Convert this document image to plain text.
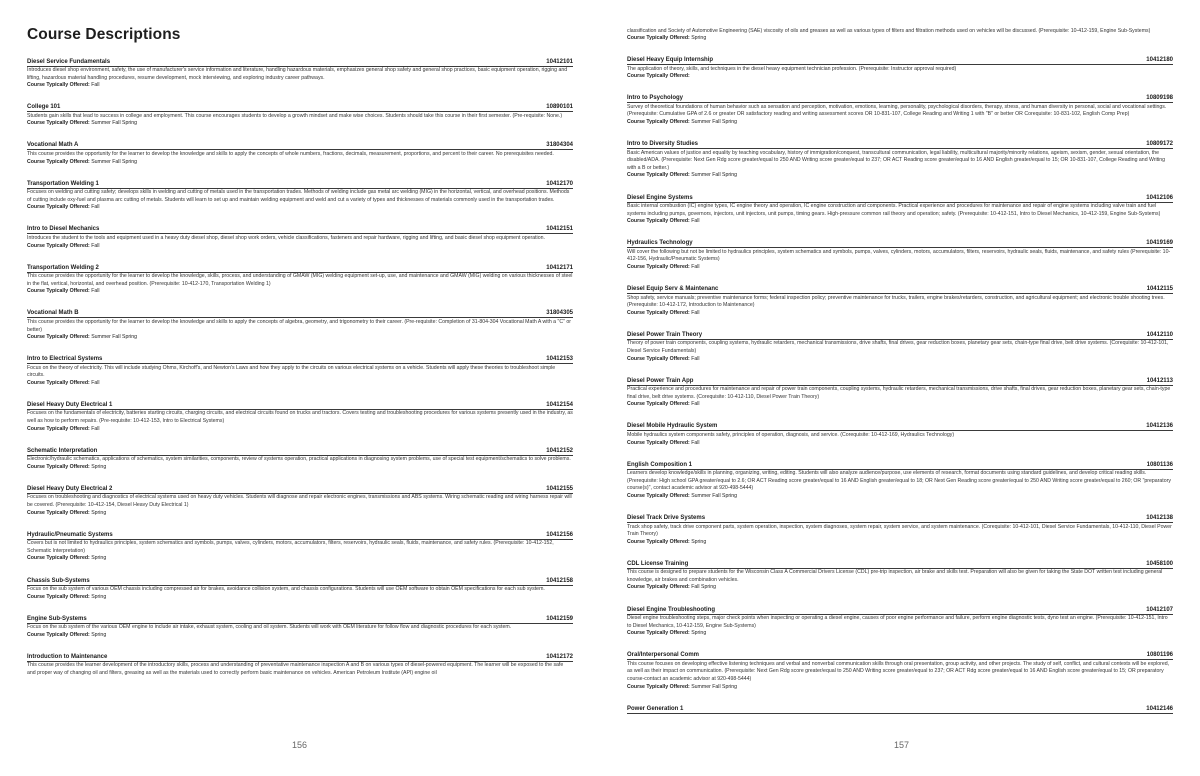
Course Descriptions
Diesel Service Fundamentals	10412101
Introduces diesel shop environment, safety, the use of manufacturer's service information and literature, handling hazardous materials, emphasizes general shop safety and general shop practices, basic equipment operation, rigging and lifting, hazardous material handling procedures, resume development, mock interviewing, and exploring industry career pathways.
Course Typically Offered: Fall
College 101	10890101
Students gain skills that lead to success in college and employment. This course encourages students to develop a growth mindset and make wise choices. Students should take this course in their first semester. (Pre-requisite: None.)
Course Typically Offered: Summer Fall Spring
Vocational Math A	31804304
This course provides the opportunity for the learner to develop the knowledge and skills to apply the concepts of whole numbers, fractions, decimals, measurement, proportions, and percent to their career. No prerequisites needed.
Course Typically Offered: Summer Fall Spring
Transportation Welding 1	10412170
Focuses on welding and cutting safety; develops skills in welding and cutting of metals used in the transportation trades. Methods of welding include gas metal arc welding (MIG) in the horizontal, vertical, and overhead positions. Methods of cutting include oxy-fuel and plasma arc cutting of metals. Students will learn to set up and maintain welding equipment and weld and cut a variety of types and thicknesses of materials commonly used in the transportation trades.
Course Typically Offered: Fall
Intro to Diesel Mechanics	10412151
Introduces the student to the tools and equipment used in a heavy duty diesel shop, diesel shop work orders, vehicle classifications, fasteners and repair hardware, rigging and lifting, and basic diesel shop equipment operation.
Course Typically Offered: Fall
Transportation Welding 2	10412171
This course provides the opportunity for the learner to develop the knowledge, skills, process, and understanding of GMAW (MIG) welding equipment set-up, use, and maintenance and GMAW (MIG) welding on various thicknesses of steel in the flat, vertical, horizontal, and overhead position. (Prerequisite: 10-412-170, Transportation Welding 1)
Course Typically Offered: Fall
Vocational Math B	31804305
This course provides the opportunity for the learner to develop the knowledge and skills to apply the concepts of algebra, geometry, and trigonometry to their career. (Pre-requisite: Completion of 31-804-304 Vocational Math A with a "C" or better)
Course Typically Offered: Summer Fall Spring
Intro to Electrical Systems	10412153
Focus on the theory of electricity. This will include studying Ohms, Kirchoff's, and Newton's Laws and how they apply to the circuits on various electrical systems on a vehicle. Students will apply these theories to troubleshoot simple circuits.
Course Typically Offered: Fall
Diesel Heavy Duty Electrical 1	10412154
Focuses on the fundamentals of electricity, batteries starting circuits, charging circuits, and electrical circuits found on trucks and tractors. Covers testing and troubleshooting procedures for various systems presently used in the industry, as well as how to perform repairs. (Pre-requisite: 10-412-153, Intro to Electrical Systems)
Course Typically Offered: Fall
Schematic Interpretation	10412152
Electronic/hydraulic schematics, applications of schematics, system similarities, components, review of systems operation, practical applications in diagnosing system problems, use of special test equipment/schematics to solve problems.
Course Typically Offered: Spring
Diesel Heavy Duty Electrical 2	10412155
Focuses on troubleshooting and diagnostics of electrical systems used on heavy duty vehicles. Students will diagnose and repair electronic engines, transmissions and ABS systems. Wiring schematic reading and wiring harness repair will be covered. (Prerequisite: 10-412-154, Diesel Heavy Duty Electrical 1)
Course Typically Offered: Spring
Hydraulic/Pneumatic Systems	10412156
Covers but is not limited to hydraulics principles, system schematics and symbols, pumps, valves, cylinders, motors, accumulators, filters, reservoirs, hydraulic seals, fluids, maintenance, and safety rules. (Prerequisite: 10-412-152, Schematic Interpretation)
Course Typically Offered: Spring
Chassis Sub-Systems	10412158
Focus on the sub system of various OEM chassis including compressed air for brakes, avoidance collision system, and chassis configurations. Students will use OEM software to obtain OEM specifications for each sub system.
Course Typically Offered: Spring
Engine Sub-Systems	10412159
Focus on the sub system of the various OEM engine to include air intake, exhaust system, cooling and oil system. Students will work with OEM literature for follow flow and diagnostic procedures for each system.
Course Typically Offered: Spring
Introduction to Maintenance	10412172
This course provides the learner development of the introductory skills, process and understanding of preventative maintenance inspection A and B on various types of diesel-powered equipment. The learner will be exposed to the safe and proper way of changing oil and filters, greasing as well as the materials used to correctly perform basic maintenance on vehicles. American Petroleum Institute (API) engine oil
156
classification and Society of Automotive Engineering (SAE) viscosity of oils and greases as well as various types of filters and filtration methods used on vehicles will be discussed. (Prerequisite: 10-412-159, Engine Sub-Systems)
Course Typically Offered: Spring
Diesel Heavy Equip Internship	10412180
The application of theory, skills, and techniques in the diesel heavy equipment technician profession. (Prerequisite: Instructor approval required)
Course Typically Offered:
Intro to Psychology	10809198
Survey of theoretical foundations of human behavior such as sensation and perception, motivation, emotions, learning, personality, psychological disorders, therapy, stress, and human diversity in personal, social and vocational settings. (Prerequisite: Cumulative GPA of 2.6 or greater OR satisfactory reading and writing assessment scores OR 10-831-107, College Reading and Writing 1 with "B" or better OR Corequisite: 10-831-102, English Comp Prep)
Course Typically Offered: Summer Fall Spring
Intro to Diversity Studies	10809172
Basic American values of justice and equality by teaching vocabulary, history of immigration/conquest, transcultural communication, legal liability, multicultural majority/minority relations, ageism, sexism, gender, sexual orientation, the disabled/ADA. (Prerequisite: Next Gen Rdg score greater/equal to 250 AND Writing score greater/equal to 237; OR ACT Reading score greater/equal to 16 AND English greater/equal to 15; OR 10-831-107, College Reading and Writing with a B or better.)
Course Typically Offered: Summer Fall Spring
Diesel Engine Systems	10412106
Basic internal combustion (IC) engine types, IC engine theory and operation, IC engine construction and components. Practical experience and procedures for maintenance and repair of engine systems including valve train and fuel systems including pumps, governors, injectors, unit injectors, unit pumps, timing gears. High-pressure common rail theory and operation; safety. (Prerequisite: 10-412-151, Intro to Diesel Mechanics, 10-412-159, Engine Sub-Systems)
Course Typically Offered: Fall
Hydraulics Technology	10419169
Will cover the following but not be limited to hydraulics principles, system schematics and symbols, pumps, valves, cylinders, motors, accumulators, filters, reservoirs, hydraulic seals, fluids, maintenance, and safety rules (Prerequisite: 10-412-156, Hydraulic/Pneumatic Systems)
Course Typically Offered: Fall
Diesel Equip Serv & Maintenanc	10412115
Shop safety, service manuals; preventive maintenance forms; federal inspection policy; preventive maintenance for trucks, trailers, engine brakes/retarders, construction, and agricultural equipment; and electronic trouble shooting trees. (Prerequisite: 10-412-172, Introduction to Maintenance)
Course Typically Offered: Fall
Diesel Power Train Theory	10412110
Theory of power train components, coupling systems, hydraulic retarders, mechanical transmissions, drive shafts, final drives, gear reduction boxes, planetary gear sets, chain-type final drive, belt drive systems. (Corequisite: 10-412-101, Diesel Service Fundamentals)
Course Typically Offered: Fall
Diesel Power Train App	10412113
Practical experience and procedures for maintenance and repair of power train components, coupling systems, hydraulic retarders, mechanical transmissions, drive shafts, final drives, gear reduction boxes, planetary gear sets, chain-type final drive, belt drive systems. (Corequisite: 10-412-110, Diesel Power Train Theory)
Course Typically Offered: Fall
Diesel Mobile Hydraulic System	10412136
Mobile hydraulics system components safety, principles of operation, diagnosis, and service. (Corequisite: 10-412-169, Hydraulics Technology)
Course Typically Offered: Fall
English Composition 1	10801136
Learners develop knowledge/skills in planning, organizing, writing, editing. Students will also analyze audience/purpose, use elements of research, format documents using standard guidelines, and develop critical reading skills. (Prerequisite: High school GPA greater/equal to 2.6; OR ACT Reading score greater/equal to 16 AND English greater/equal to 18; OR Next Gen Reading score greater/equal to 250 AND Writing score greater/equal to 260; OR "preparatory course(s)", contact academic advisor at 920-498-5444)
Course Typically Offered: Summer Fall Spring
Diesel Track Drive Systems	10412138
Track shop safety, track drive component parts, system operation, inspection, system diagnoses, system repair, system service, and system maintenance. (Corequisite: 10-412-101, Diesel Service Fundamentals, 10-412-110, Diesel Power Train Theory)
Course Typically Offered: Spring
CDL License Training	10458100
This course is designed to prepare students for the Wisconsin Class A Commercial Drivers License (CDL) pre-trip inspection, air brake and skills test. Preparation will also be given for taking the State DOT written test including general knowledge, air brakes and combination vehicles.
Course Typically Offered: Fall Spring
Diesel Engine Troubleshooting	10412107
Diesel engine troubleshooting steps, major check points when inspecting or operating a diesel engine, causes of poor engine performance and failure, perform engine diagnostic tests, dyno test an engine. (Prerequisite: 10-412-151, Intro to Diesel Mechanics, 10-412-159, Engine Sub-Systems)
Course Typically Offered: Spring
Oral/Interpersonal Comm	10801196
This course focuses on developing effective listening techniques and verbal and nonverbal communication skills through oral presentation, group activity, and other projects. The study of self, conflict, and cultural contexts will be explored, as well as their impact on communication. (Prerequisite: Next Gen Rdg score greater/equal to 250 AND Writing score greater/equal to 237; OR ACT Rdg score greater/equal to 16 AND English score greater/equal to 15; OR preparatory course-contact an academic advisor at 920-498-5444)
Course Typically Offered: Summer Fall Spring
Power Generation 1	10412146
157
